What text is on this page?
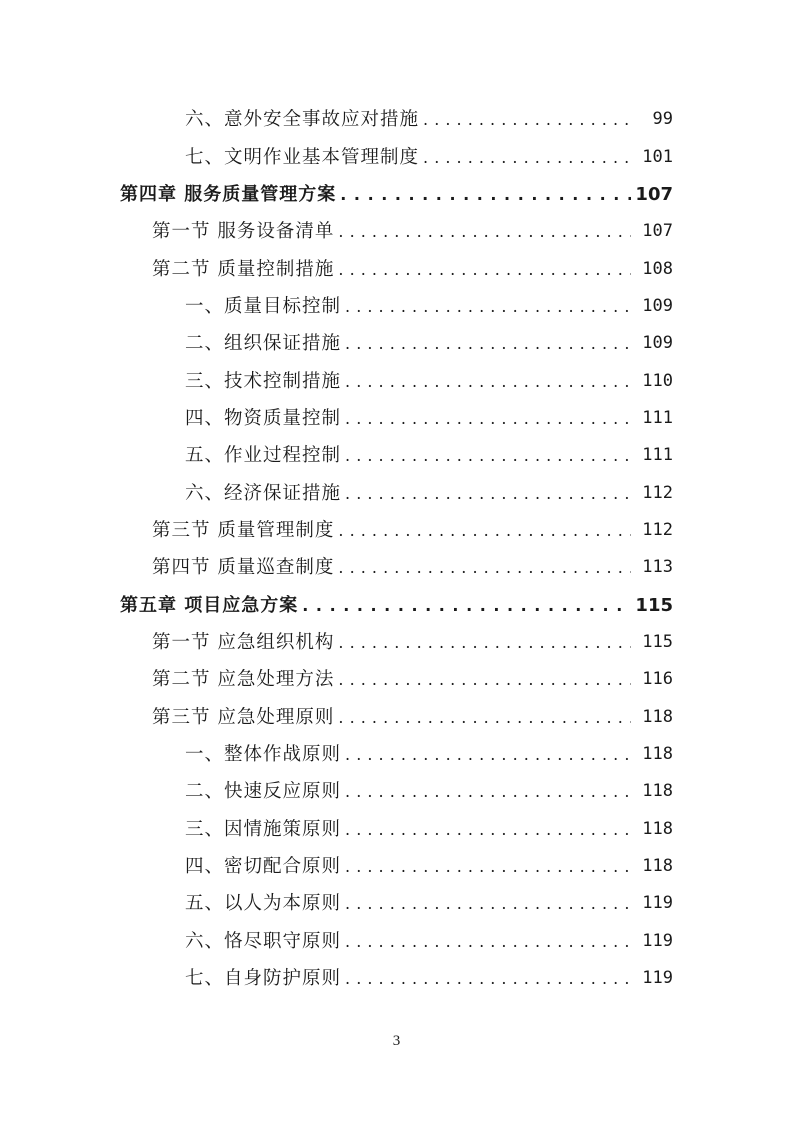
六、意外安全事故应对措施 . . .	99
七、文明作业基本管理制度 . . .	101
第四章 服务质量管理方案 . . .	107
第一节 服务设备清单 . . .	107
第二节 质量控制措施 . . .	108
一、质量目标控制 . . .	109
二、组织保证措施 . . .	109
三、技术控制措施 . . .	110
四、物资质量控制 . . .	111
五、作业过程控制 . . .	111
六、经济保证措施 . . .	112
第三节 质量管理制度 . . .	112
第四节 质量巡查制度 . . .	113
第五章 项目应急方案 . . .	115
第一节 应急组织机构 . . .	115
第二节 应急处理方法 . . .	116
第三节 应急处理原则 . . .	118
一、整体作战原则 . . .	118
二、快速反应原则 . . .	118
三、因情施策原则 . . .	118
四、密切配合原则 . . .	118
五、以人为本原则 . . .	119
六、恪尽职守原则 . . .	119
七、自身防护原则 . . .	119
3
